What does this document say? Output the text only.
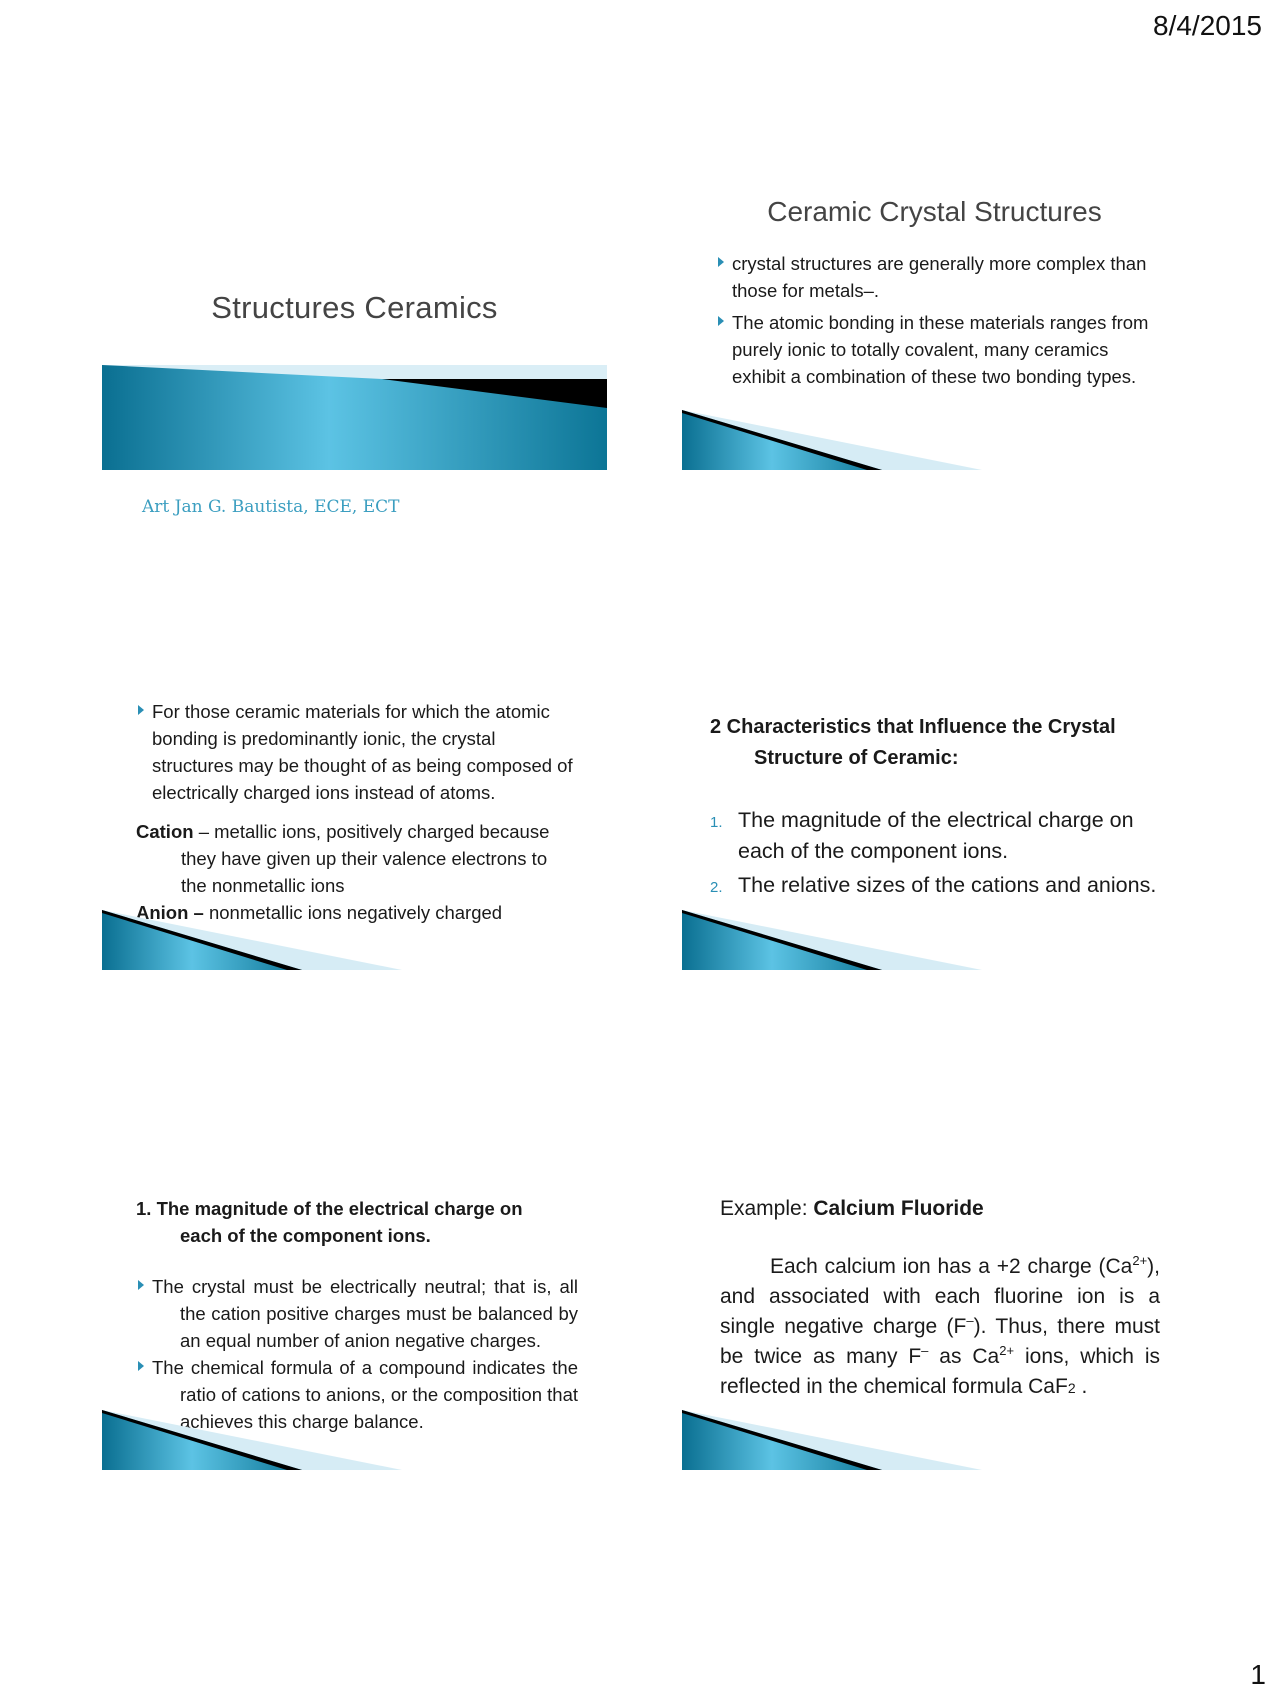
8/4/2015
1
Structures Ceramics
Art Jan G. Bautista, ECE, ECT
Ceramic Crystal Structures
crystal structures are generally more complex than those for metals–.
The atomic bonding in these materials ranges from purely ionic to totally covalent, many ceramics exhibit a combination of these two bonding types.
For those ceramic materials for which the atomic bonding is predominantly ionic, the crystal structures may be thought of as being composed of electrically charged ions instead of atoms.

Cation – metallic ions, positively charged because they have given up their valence electrons to the nonmetallic ions

Anion – nonmetallic ions negatively charged

2 Characteristics that Influence the Crystal
Structure of Ceramic:
1. The magnitude of the electrical charge on each of the component ions.
2. The relative sizes of the cations and anions.
1. The magnitude of the electrical charge on
each of the component ions.
The crystal must be electrically neutral; that is, all the cation positive charges must be balanced by an equal number of anion negative charges.
The chemical formula of a compound indicates the ratio of cations to anions, or the composition that achieves this charge balance.
Example: Calcium Fluoride

Each calcium ion has a +2 charge $(Ca^{2+})$, and associated with each fluorine ion is a single negative charge (F–). Thus, there must be twice as many F– as $Ca^{2+}$ ions, which is reflected in the chemical formula CaF2 .
